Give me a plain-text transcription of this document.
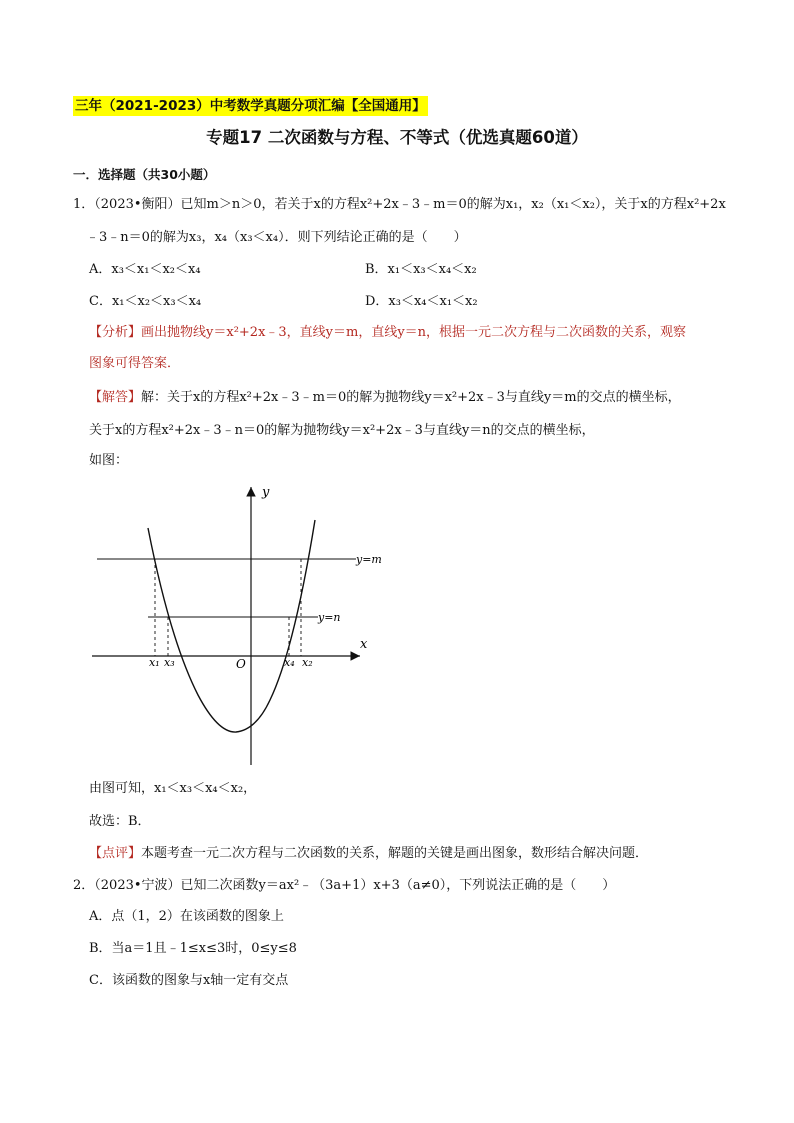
三年（2021-2023）中考数学真题分项汇编【全国通用】
专题17 二次函数与方程、不等式（优选真题60道）
一．选择题（共30小题）
1．（2023•衡阳）已知m＞n＞0，若关于x的方程x²+2x﹣3﹣m＝0的解为x₁，x₂（x₁＜x₂），关于x的方程x²+2x
﹣3﹣n＝0的解为x₃，x₄（x₃＜x₄）．则下列结论正确的是（　　）
A．x₃＜x₁＜x₂＜x₄	B．x₁＜x₃＜x₄＜x₂
C．x₁＜x₂＜x₃＜x₄	D．x₃＜x₄＜x₁＜x₂
【分析】画出抛物线y＝x²+2x﹣3，直线y＝m，直线y＝n，根据一元二次方程与二次函数的关系，观察
图象可得答案．
【解答】解：关于x的方程x²+2x﹣3﹣m＝0的解为抛物线y＝x²+2x﹣3与直线y＝m的交点的横坐标，
关于x的方程x²+2x﹣3﹣n＝0的解为抛物线y＝x²+2x﹣3与直线y＝n的交点的横坐标，
如图：
y
x
O
y=m
y=n
x₁ x₃	x₄ x₂
由图可知，x₁＜x₃＜x₄＜x₂，
故选：B．
【点评】本题考查一元二次方程与二次函数的关系，解题的关键是画出图象，数形结合解决问题．
2．（2023•宁波）已知二次函数y＝ax²﹣（3a+1）x+3（a≠0），下列说法正确的是（　　）
A．点（1，2）在该函数的图象上
B．当a＝1且﹣1≤x≤3时，0≤y≤8
C．该函数的图象与x轴一定有交点
